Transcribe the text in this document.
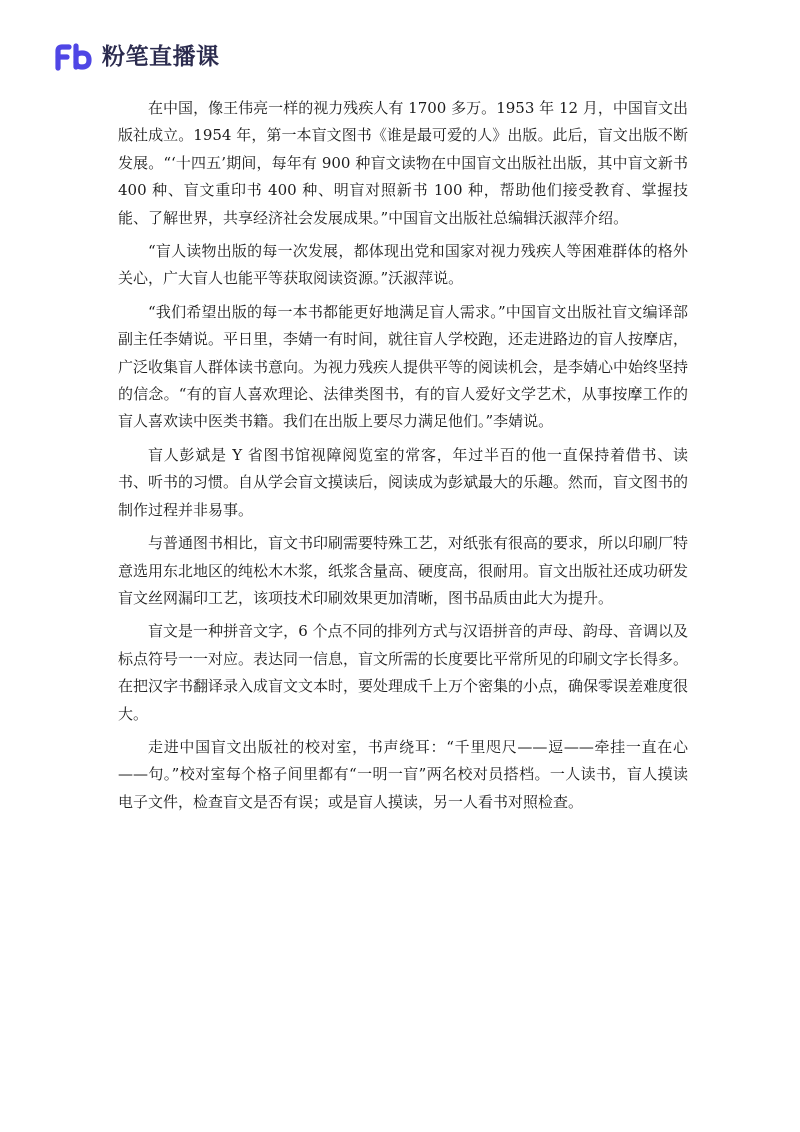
粉笔直播课

在中国，像王伟亮一样的视力残疾人有 1700 多万。1953 年 12 月，中国盲文出版社成立。1954 年，第一本盲文图书《谁是最可爱的人》出版。此后，盲文出版不断发展。“‘十四五’期间，每年有 900 种盲文读物在中国盲文出版社出版，其中盲文新书 400 种、盲文重印书 400 种、明盲对照新书 100 种，帮助他们接受教育、掌握技能、了解世界，共享经济社会发展成果。”中国盲文出版社总编辑沃淑萍介绍。

“盲人读物出版的每一次发展，都体现出党和国家对视力残疾人等困难群体的格外关心，广大盲人也能平等获取阅读资源。”沃淑萍说。

“我们希望出版的每一本书都能更好地满足盲人需求。”中国盲文出版社盲文编译部副主任李婧说。平日里，李婧一有时间，就往盲人学校跑，还走进路边的盲人按摩店，广泛收集盲人群体读书意向。为视力残疾人提供平等的阅读机会，是李婧心中始终坚持的信念。“有的盲人喜欢理论、法律类图书，有的盲人爱好文学艺术，从事按摩工作的盲人喜欢读中医类书籍。我们在出版上要尽力满足他们。”李婧说。

盲人彭斌是 Y 省图书馆视障阅览室的常客，年过半百的他一直保持着借书、读书、听书的习惯。自从学会盲文摸读后，阅读成为彭斌最大的乐趣。然而，盲文图书的制作过程并非易事。

与普通图书相比，盲文书印刷需要特殊工艺，对纸张有很高的要求，所以印刷厂特意选用东北地区的纯松木木浆，纸浆含量高、硬度高，很耐用。盲文出版社还成功研发盲文丝网漏印工艺，该项技术印刷效果更加清晰，图书品质由此大为提升。

盲文是一种拼音文字，6 个点不同的排列方式与汉语拼音的声母、韵母、音调以及标点符号一一对应。表达同一信息，盲文所需的长度要比平常所见的印刷文字长得多。在把汉字书翻译录入成盲文文本时，要处理成千上万个密集的小点，确保零误差难度很大。

走进中国盲文出版社的校对室，书声绕耳：“千里咫尺——逗——牵挂一直在心——句。”校对室每个格子间里都有“一明一盲”两名校对员搭档。一人读书，盲人摸读电子文件，检查盲文是否有误；或是盲人摸读，另一人看书对照检查。
